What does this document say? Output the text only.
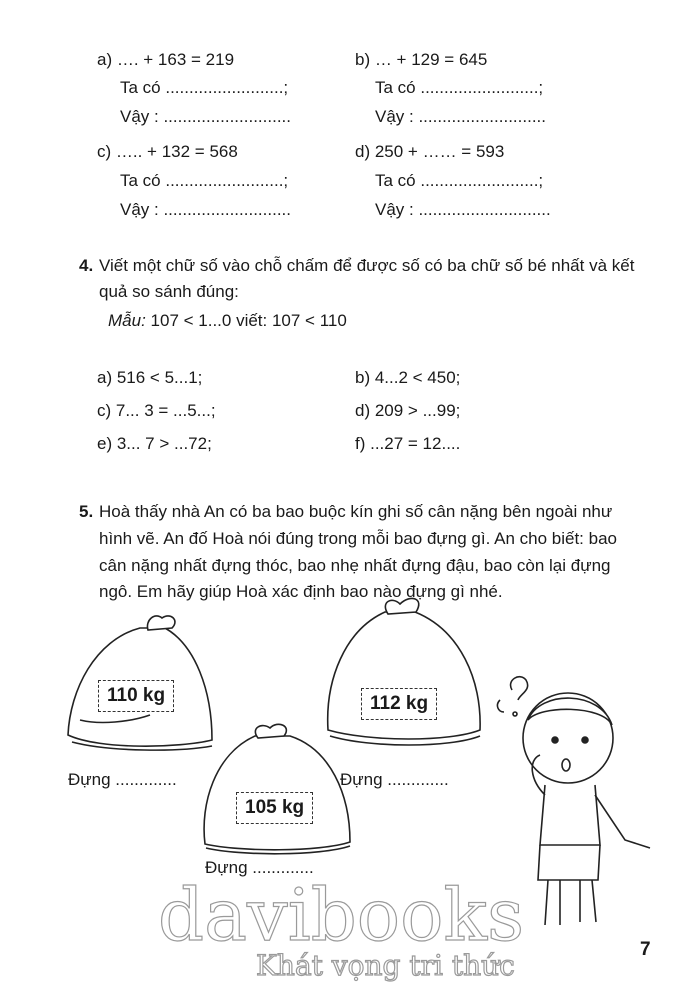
a) …. + 163 = 219
Ta có .........................;
Vậy : ...........................
b) … + 129 = 645
Ta có .........................;
Vậy : ...........................
c) ….. + 132 = 568
Ta có .........................;
Vậy : ...........................
d) 250 + …… = 593
Ta có .........................;
Vậy : ............................
4. Viết một chữ số vào chỗ chấm để được số có ba chữ số bé nhất và kết
quả so sánh đúng:
Mẫu: 107 < 1...0 viết: 107 < 110
a) 516 < 5...1;	b) 4...2 < 450;
c) 7... 3 = ...5...;	d) 209 > ...99;
e) 3... 7 > ...72;	f) ...27 = 12....
5. Hoà thấy nhà An có ba bao buộc kín ghi số cân nặng bên ngoài như
hình vẽ. An đố Hoà nói đúng trong mỗi bao đựng gì. An cho biết: bao
cân nặng nhất đựng thóc, bao nhẹ nhất đựng đậu, bao còn lại đựng
ngô. Em hãy giúp Hoà xác định bao nào đựng gì nhé.
davibooks
Khát vọng tri thức
110 kg	112 kg
105 kg
Đựng .............	Đựng .............
Đựng .............
7
